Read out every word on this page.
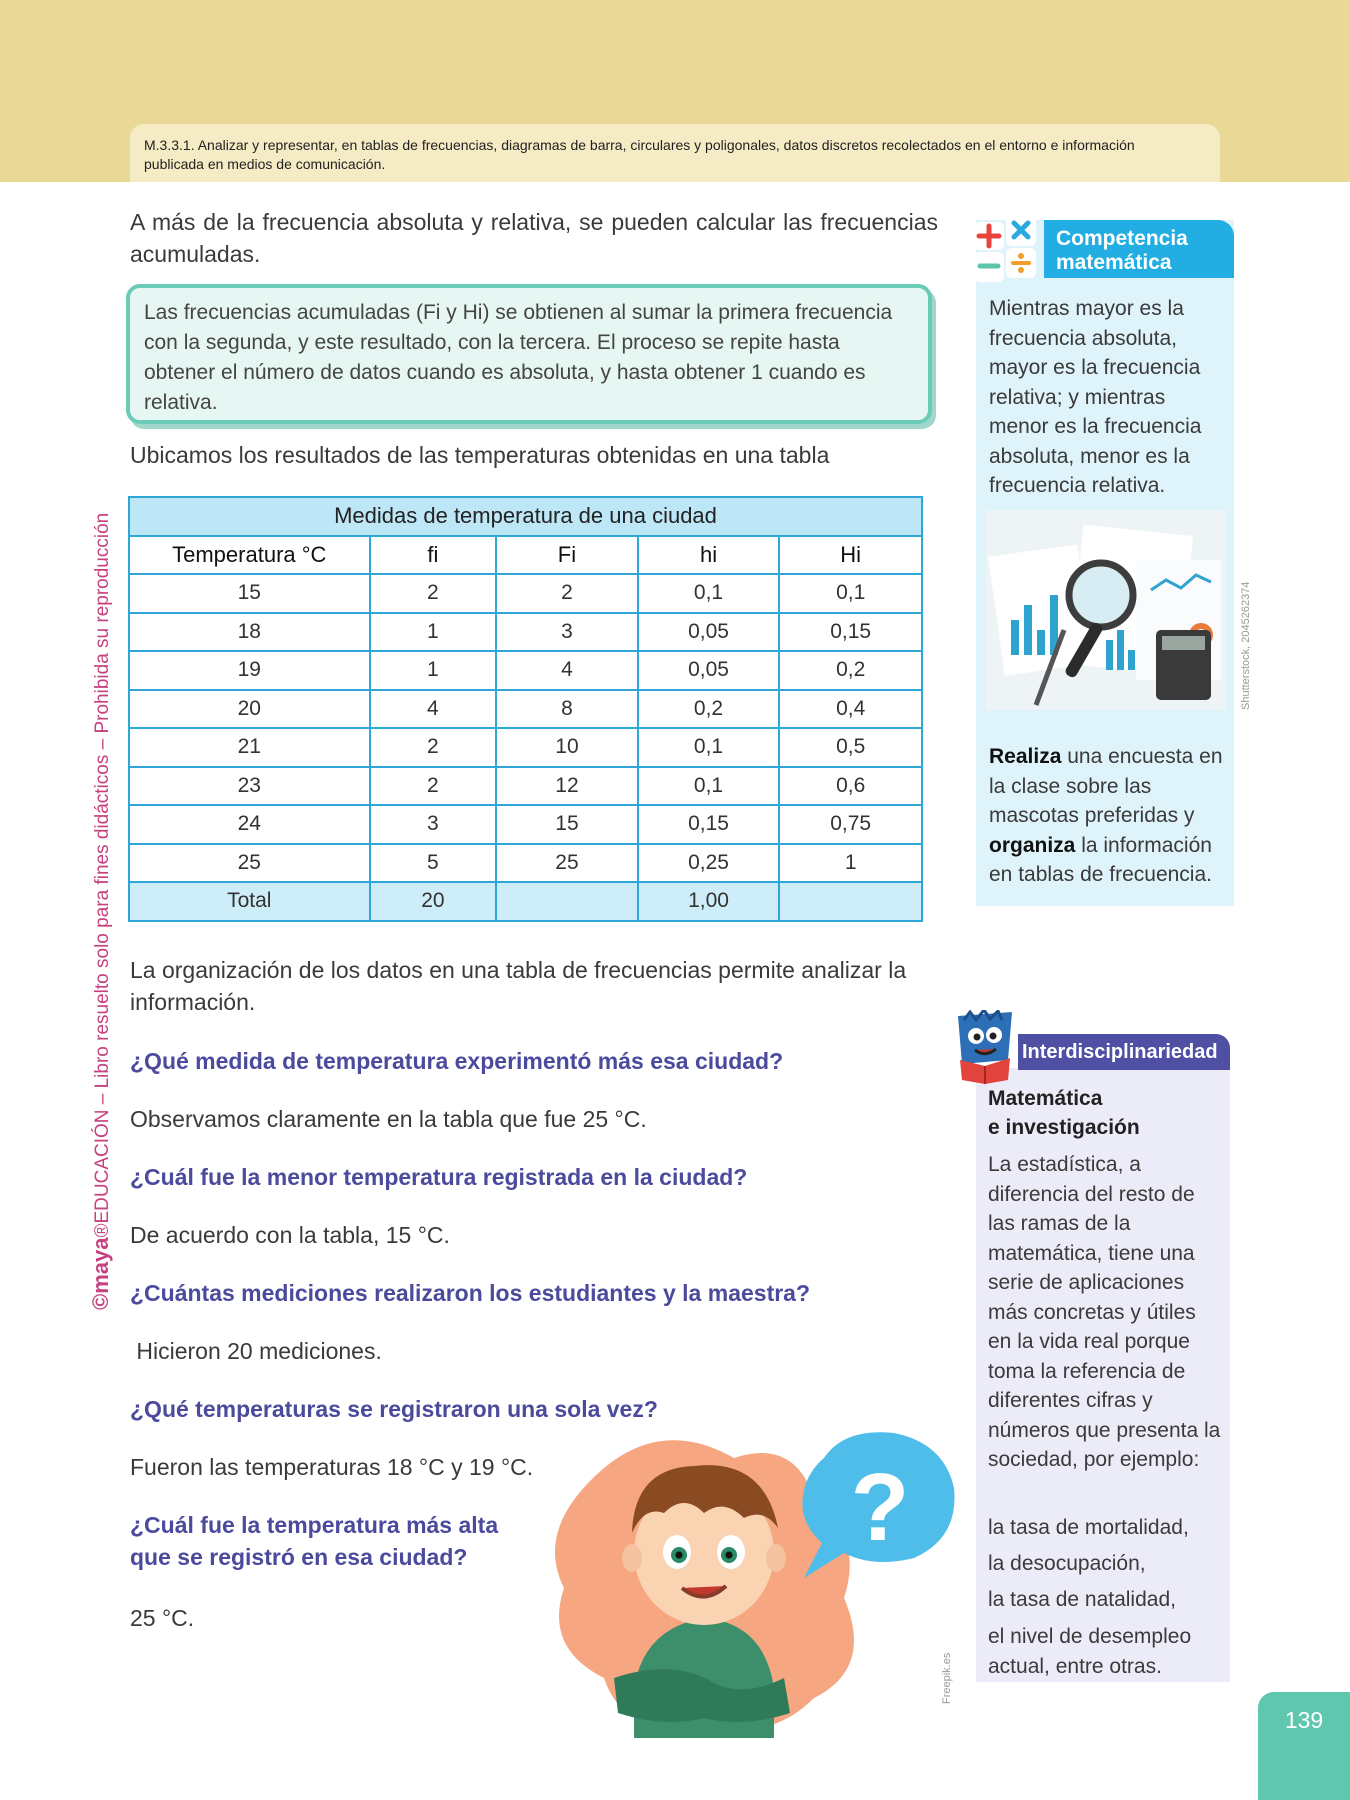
M.3.3.1. Analizar y representar, en tablas de frecuencias, diagramas de barra, circulares y poligonales, datos discretos recolectados en el entorno e información
publicada en medios de comunicación.
©maya®EDUCACIÓN – Libro resuelto solo para fines didácticos – Prohibida su reproducción
A más de la frecuencia absoluta y relativa, se pueden calcular las frecuencias acumuladas.
Las frecuencias acumuladas (Fi y Hi) se obtienen al sumar la primera frecuencia con la segunda, y este resultado, con la tercera. El proceso se repite hasta obtener el número de datos cuando es absoluta, y hasta obtener 1 cuando es relativa.
Ubicamos los resultados de las temperaturas obtenidas en una tabla
Medidas de temperatura de una ciudad				
Temperatura °C	fi	Fi	hi	Hi
15	2	2	0,1	0,1
18	1	3	0,05	0,15
19	1	4	0,05	0,2
20	4	8	0,2	0,4
21	2	10	0,1	0,5
23	2	12	0,1	0,6
24	3	15	0,15	0,75
25	5	25	0,25	1
Total	20		1,00	
La organización de los datos en una tabla de frecuencias permite analizar la información.
¿Qué medida de temperatura experimentó más esa ciudad?
Observamos claramente en la tabla que fue 25 °C.
¿Cuál fue la menor temperatura registrada en la ciudad?
De acuerdo con la tabla, 15 °C.
¿Cuántas mediciones realizaron los estudiantes y la maestra?
Hicieron 20 mediciones.
¿Qué temperaturas se registraron una sola vez?
Fueron las temperaturas 18 °C y 19 °C.
¿Cuál fue la temperatura más alta
que se registró en esa ciudad?
25 °C.
Competencia
matemática
Mientras mayor es la frecuencia absoluta, mayor es la frecuencia relativa; y mientras menor es la frecuencia absoluta, menor es la frecuencia relativa.
Shutterstock, 2045262374
Realiza una encuesta en la clase sobre las mascotas preferidas y organiza la información en tablas de frecuencia.
Interdisciplinariedad
Matemática
e investigación
La estadística, a diferencia del resto de las ramas de la matemática, tiene una serie de aplicaciones más concretas y útiles en la vida real porque toma la referencia de diferentes cifras y números que presenta la sociedad, por ejemplo:
la tasa de mortalidad,
la desocupación,
la tasa de natalidad,
el nivel de desempleo actual, entre otras.
?
Freepik.es
139
